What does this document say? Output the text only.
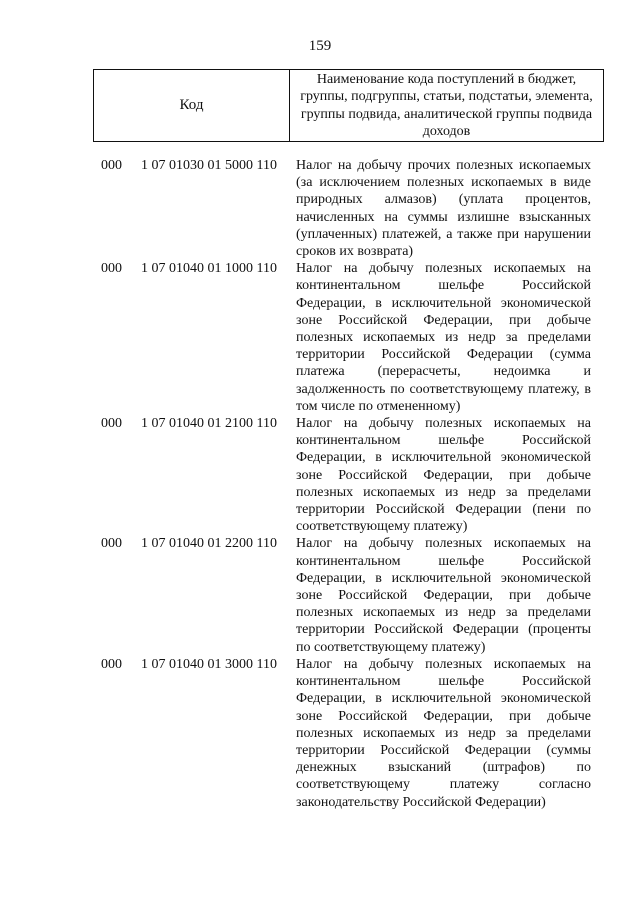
159
Код
Наименование кода поступлений в бюджет, группы, подгруппы, статьи, подстатьи, элемента, группы подвида, аналитической группы подвида доходов
000	1 07 01030 01 5000 110	Налог на добычу прочих полезных ископаемых (за исключением полезных ископаемых в виде природных алмазов) (уплата процентов, начисленных на суммы излишне взысканных (уплаченных) платежей, а также при нарушении сроков их возврата)
000	1 07 01040 01 1000 110	Налог на добычу полезных ископаемых на континентальном шельфе Российской Федерации, в исключительной экономической зоне Российской Федерации, при добыче полезных ископаемых из недр за пределами территории Российской Федерации (сумма платежа (перерасчеты, недоимка и задолженность по соответствующему платежу, в том числе по отмененному)
000	1 07 01040 01 2100 110	Налог на добычу полезных ископаемых на континентальном шельфе Российской Федерации, в исключительной экономической зоне Российской Федерации, при добыче полезных ископаемых из недр за пределами территории Российской Федерации (пени по соответствующему платежу)
000	1 07 01040 01 2200 110	Налог на добычу полезных ископаемых на континентальном шельфе Российской Федерации, в исключительной экономической зоне Российской Федерации, при добыче полезных ископаемых из недр за пределами территории Российской Федерации (проценты по соответствующему платежу)
000	1 07 01040 01 3000 110	Налог на добычу полезных ископаемых на континентальном шельфе Российской Федерации, в исключительной экономической зоне Российской Федерации, при добыче полезных ископаемых из недр за пределами территории Российской Федерации (суммы денежных взысканий (штрафов) по соответствующему платежу согласно законодательству Российской Федерации)
